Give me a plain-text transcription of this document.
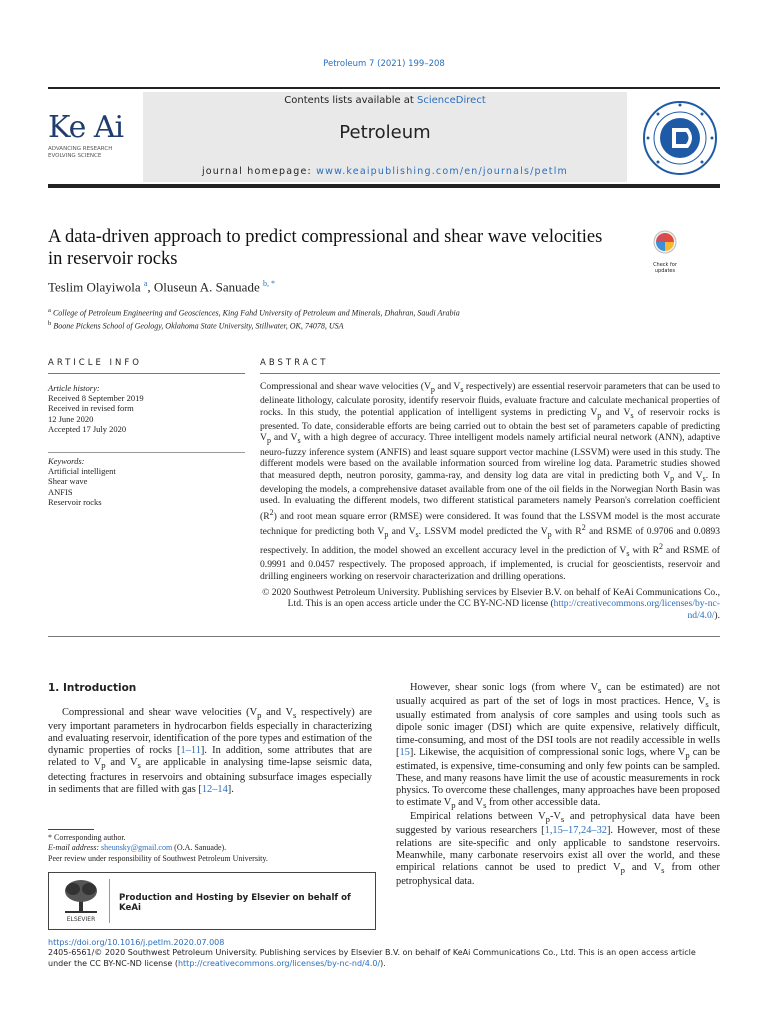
Petroleum 7 (2021) 199–208
Contents lists available at ScienceDirect
Petroleum
journal homepage: www.keaipublishing.com/en/journals/petlm
Ke Ai
ADVANCING RESEARCH
EVOLVING SCIENCE
A data-driven approach to predict compressional and shear wave velocities in reservoir rocks	Check for updates
Teslim Olayiwola $^a$, Oluseun A. Sanuade $^{b, *}$
$^a$ College of Petroleum Engineering and Geosciences, King Fahd University of Petroleum and Minerals, Dhahran, Saudi Arabia
$^b$ Boone Pickens School of Geology, Oklahoma State University, Stillwater, OK, 74078, USA
ARTICLE INFO	ABSTRACT
Article history:
Received 8 September 2019
Received in revised form
12 June 2020
Accepted 17 July 2020
Keywords:
Artificial intelligent
Shear wave
ANFIS
Reservoir rocks
Compressional and shear wave velocities ($V_p$ and $V_s$ respectively) are essential reservoir parameters that can be used to delineate lithology, calculate porosity, identify reservoir fluids, evaluate fracture and calculate mechanical properties of rocks. In this study, the potential application of intelligent systems in predicting $V_p$ and $V_s$ of reservoir rocks is presented. To date, considerable efforts are being carried out to obtain the best set of parameters capable of predicting $V_p$ and $V_s$ with a high degree of accuracy. Three intelligent models namely artificial neural network (ANN), adaptive neuro-fuzzy inference system (ANFIS) and least square support vector machine (LSSVM) were used in this study. The different models were based on the available information sourced from wireline log data. Parametric studies showed that measured depth, neutron porosity, gamma-ray, and density log data are vital in predicting both $V_p$ and $V_s$. In developing the models, a comprehensive dataset available from one of the oil fields in the Norwegian North Basin was used. In evaluating the different models, two different statistical parameters namely Pearson's correlation coefficient $(R^2)$ and root mean square error (RMSE) were considered. It was found that the LSSVM model is the most accurate technique for predicting both $V_p$ and $V_s$. LSSVM model predicted the $V_p$ with $R^2$ and RSME of 0.9706 and 0.0893 respectively. In addition, the model showed an excellent accuracy level in the prediction of $V_s$ with $R^2$ and RSME of 0.9991 and 0.0457 respectively. The proposed approach, if implemented, is crucial for geoscientists, reservoir and drilling engineers working on reservoir characterization and drilling operations.
© 2020 Southwest Petroleum University. Publishing services by Elsevier B.V. on behalf of KeAi Communications Co., Ltd. This is an open access article under the CC BY-NC-ND license (http://creativecommons.org/licenses/by-nc-nd/4.0/).
1. Introduction
Compressional and shear wave velocities ($V_p$ and $V_s$ respectively) are very important parameters in hydrocarbon fields especially in characterizing and evaluating reservoir, identification of the pore types and estimation of the dynamic properties of rocks [1–11]. In addition, some attributes that are related to $V_p$ and $V_s$ are applicable in analysing time-lapse seismic data, detecting fractures in reservoirs and obtaining subsurface images especially in sediments that are filled with gas [12–14].

However, shear sonic logs (from where $V_s$ can be estimated) are not usually acquired as part of the set of logs in most practices. Hence, $V_s$ is usually estimated from analysis of core samples and using tools such as dipole sonic imager (DSI) which are quite expensive, relatively difficult, time-consuming, and most of the DSI tools are not readily accessible in wells [15]. Likewise, the acquisition of compressional sonic logs, where $V_p$ can be estimated, is expensive, time-consuming and only few points can be sampled. These, and many reasons have limit the use of acoustic measurements in rock physics. To overcome these challenges, many approaches have been proposed to estimate $V_p$ and $V_s$ from other accessible data.

Empirical relations between $V_p-V_s$ and petrophysical data have been suggested by various researchers [1,15–17,24–32]. However, most of these relations are site-specific and only applicable to sandstone reservoirs. Meanwhile, many carbonate reservoirs exist all over the world, and these empirical relations cannot be used to predict $V_p$ and $V_s$ from other petrophysical data.

* Corresponding author.
E-mail address: sheunsky@gmail.com (O.A. Sanuade).
Peer review under responsibility of Southwest Petroleum University.
ELSEVIER
Production and Hosting by Elsevier on behalf of KeAi
https://doi.org/10.1016/j.petlm.2020.07.008
2405-6561/© 2020 Southwest Petroleum University. Publishing services by Elsevier B.V. on behalf of KeAi Communications Co., Ltd. This is an open access article under the CC BY-NC-ND license (http://creativecommons.org/licenses/by-nc-nd/4.0/).
